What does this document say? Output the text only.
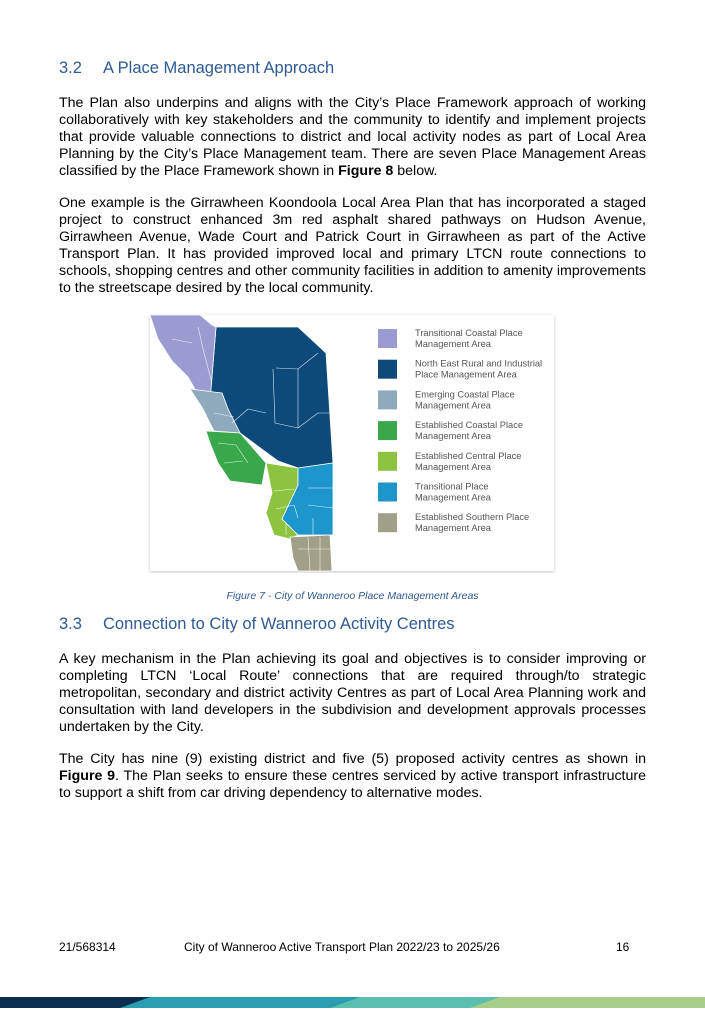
3.2 A Place Management Approach

The Plan also underpins and aligns with the City’s Place Framework approach of working collaboratively with key stakeholders and the community to identify and implement projects that provide valuable connections to district and local activity nodes as part of Local Area Planning by the City’s Place Management team. There are seven Place Management Areas classified by the Place Framework shown in Figure 8 below.

One example is the Girrawheen Koondoola Local Area Plan that has incorporated a staged project to construct enhanced 3m red asphalt shared pathways on Hudson Avenue, Girrawheen Avenue, Wade Court and Patrick Court in Girrawheen as part of the Active Transport Plan. It has provided improved local and primary LTCN route connections to schools, shopping centres and other community facilities in addition to amenity improvements to the streetscape desired by the local community.

Transitional Coastal Place Management Area
North East Rural and Industrial Place Management Area
Emerging Coastal Place Management Area
Established Coastal Place Management Area
Established Central Place Management Area
Transitional Place Management Area
Established Southern Place Management Area

Figure 7 - City of Wanneroo Place Management Areas

3.3 Connection to City of Wanneroo Activity Centres

A key mechanism in the Plan achieving its goal and objectives is to consider improving or completing LTCN ‘Local Route’ connections that are required through/to strategic metropolitan, secondary and district activity Centres as part of Local Area Planning work and consultation with land developers in the subdivision and development approvals processes undertaken by the City.

The City has nine (9) existing district and five (5) proposed activity centres as shown in Figure 9. The Plan seeks to ensure these centres serviced by active transport infrastructure to support a shift from car driving dependency to alternative modes.

21/568314	City of Wanneroo Active Transport Plan 2022/23 to 2025/26	16
